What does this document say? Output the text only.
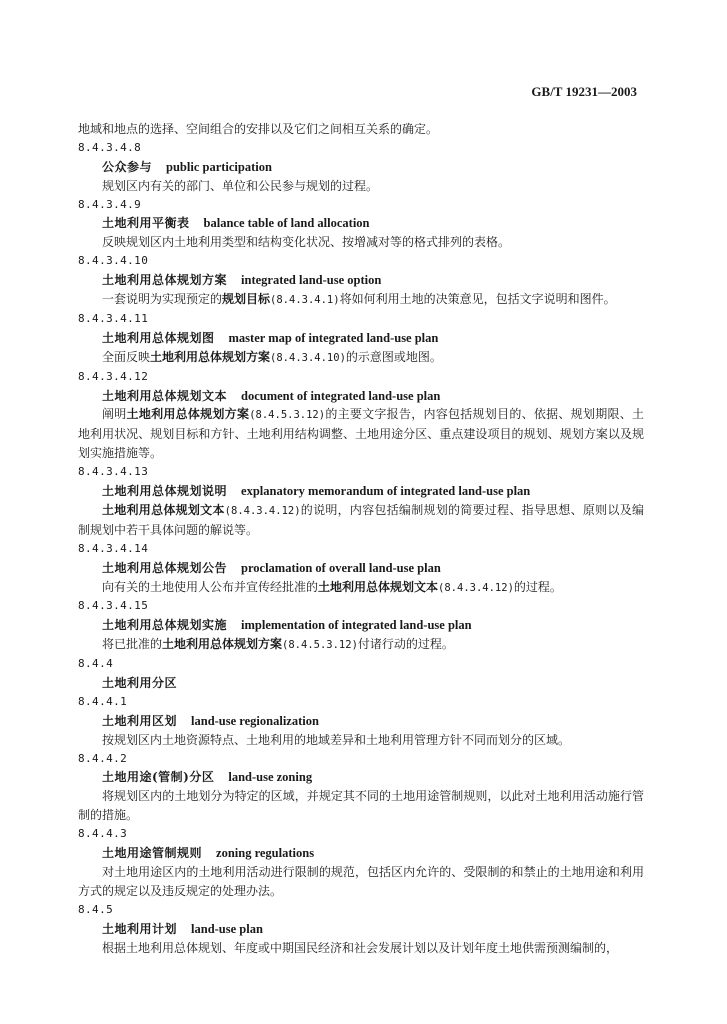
GB/T 19231—2003
地域和地点的选择、空间组合的安排以及它们之间相互关系的确定。
8.4.3.4.8
公众参与 public participation
规划区内有关的部门、单位和公民参与规划的过程。
8.4.3.4.9
土地利用平衡表 balance table of land allocation
反映规划区内土地利用类型和结构变化状况、按增减对等的格式排列的表格。
8.4.3.4.10
土地利用总体规划方案 integrated land-use option
一套说明为实现预定的规划目标(8.4.3.4.1)将如何利用土地的决策意见，包括文字说明和图件。
8.4.3.4.11
土地利用总体规划图 master map of integrated land-use plan
全面反映土地利用总体规划方案(8.4.3.4.10)的示意图或地图。
8.4.3.4.12
土地利用总体规划文本 document of integrated land-use plan
阐明土地利用总体规划方案(8.4.5.3.12)的主要文字报告，内容包括规划目的、依据、规划期限、土地利用状况、规划目标和方针、土地利用结构调整、土地用途分区、重点建设项目的规划、规划方案以及规划实施措施等。
8.4.3.4.13
土地利用总体规划说明 explanatory memorandum of integrated land-use plan
土地利用总体规划文本(8.4.3.4.12)的说明，内容包括编制规划的简要过程、指导思想、原则以及编制规划中若干具体问题的解说等。
8.4.3.4.14
土地利用总体规划公告 proclamation of overall land-use plan
向有关的土地使用人公布并宣传经批准的土地利用总体规划文本(8.4.3.4.12)的过程。
8.4.3.4.15
土地利用总体规划实施 implementation of integrated land-use plan
将已批准的土地利用总体规划方案(8.4.5.3.12)付诸行动的过程。
8.4.4
土地利用分区
8.4.4.1
土地利用区划 land-use regionalization
按规划区内土地资源特点、土地利用的地域差异和土地利用管理方针不同而划分的区域。
8.4.4.2
土地用途(管制)分区 land-use zoning
将规划区内的土地划分为特定的区域，并规定其不同的土地用途管制规则，以此对土地利用活动施行管制的措施。
8.4.4.3
土地用途管制规则 zoning regulations
对土地用途区内的土地利用活动进行限制的规范，包括区内允许的、受限制的和禁止的土地用途和利用方式的规定以及违反规定的处理办法。
8.4.5
土地利用计划 land-use plan
根据土地利用总体规划、年度或中期国民经济和社会发展计划以及计划年度土地供需预测编制的，
